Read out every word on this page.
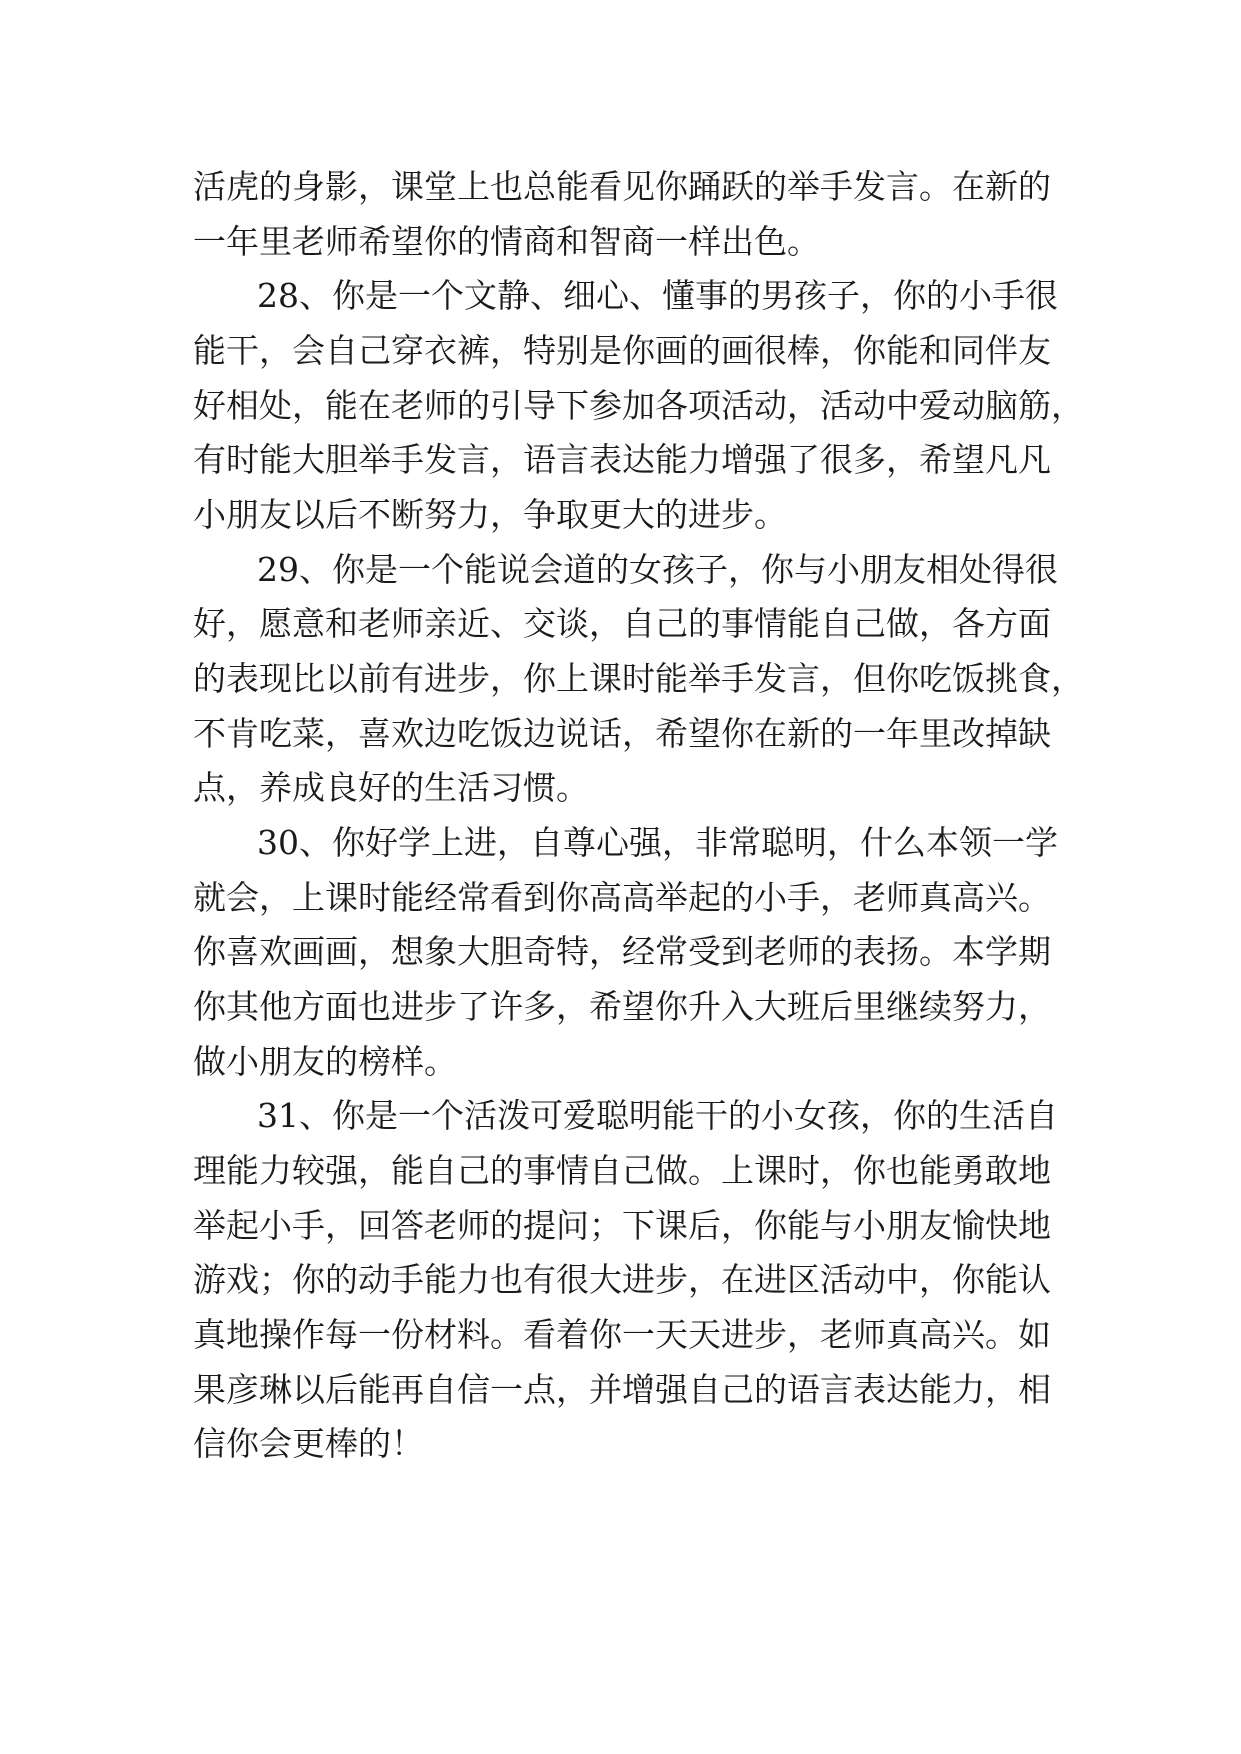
活虎的身影，课堂上也总能看见你踊跃的举手发言。在新的
一年里老师希望你的情商和智商一样出色。
28、你是一个文静、细心、懂事的男孩子，你的小手很
能干，会自己穿衣裤，特别是你画的画很棒，你能和同伴友
好相处，能在老师的引导下参加各项活动，活动中爱动脑筋，
有时能大胆举手发言，语言表达能力增强了很多，希望凡凡
小朋友以后不断努力，争取更大的进步。
29、你是一个能说会道的女孩子，你与小朋友相处得很
好，愿意和老师亲近、交谈，自己的事情能自己做，各方面
的表现比以前有进步，你上课时能举手发言，但你吃饭挑食，
不肯吃菜，喜欢边吃饭边说话，希望你在新的一年里改掉缺
点，养成良好的生活习惯。
30、你好学上进，自尊心强，非常聪明，什么本领一学
就会，上课时能经常看到你高高举起的小手，老师真高兴。
你喜欢画画，想象大胆奇特，经常受到老师的表扬。本学期
你其他方面也进步了许多，希望你升入大班后里继续努力，
做小朋友的榜样。
31、你是一个活泼可爱聪明能干的小女孩，你的生活自
理能力较强，能自己的事情自己做。上课时，你也能勇敢地
举起小手，回答老师的提问；下课后，你能与小朋友愉快地
游戏；你的动手能力也有很大进步，在进区活动中，你能认
真地操作每一份材料。看着你一天天进步，老师真高兴。如
果彦琳以后能再自信一点，并增强自己的语言表达能力，相
信你会更棒的！
